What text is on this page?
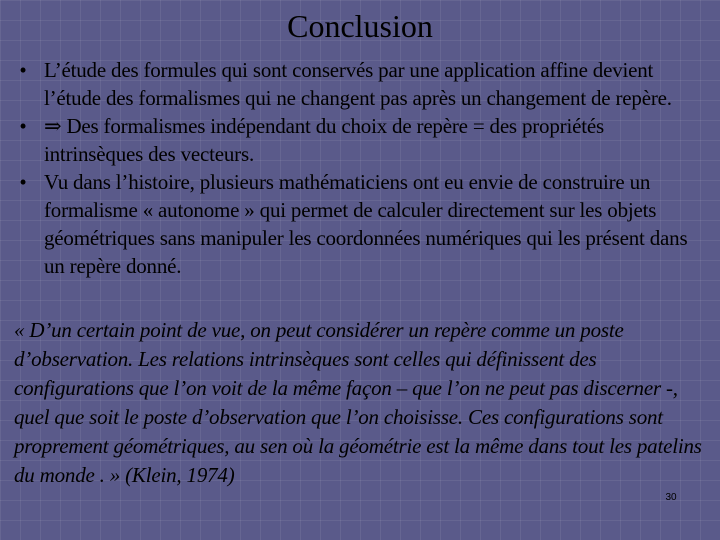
Conclusion
• L’étude des formules qui sont conservés par une application affine devient l’étude des formalismes qui ne changent pas après un changement de repère.
• ⇒ Des formalismes indépendant du choix de repère = des propriétés intrinsèques des vecteurs.
• Vu dans l’histoire, plusieurs mathématiciens ont eu envie de construire un formalisme « autonome » qui permet de calculer directement sur les objets géométriques sans manipuler les coordonnées numériques qui les présent dans un repère donné.

« D’un certain point de vue, on peut considérer un repère comme un poste d’observation. Les relations intrinsèques sont celles qui définissent des configurations que l’on voit de la même façon – que l’on ne peut pas discerner -, quel que soit le poste d’observation que l’on choisisse. Ces configurations sont proprement géométriques, au sen où la géométrie est la même dans tout les patelins du monde . » (Klein, 1974)

30
